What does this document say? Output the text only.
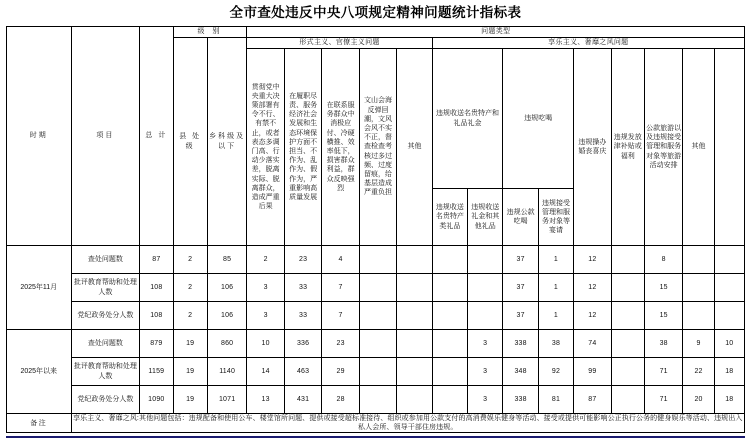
全市查处违反中央八项规定精神问题统计指标表
时期	项目	总 计	级 别		问题类型													
			县 处 级	乡科级及以下	形式主义、官僚主义问题					享乐主义、奢靡之风问题								
					贯彻党中央重大决策部署有令不行、有禁不止，或者表态多调门高、行动少落实差，脱离实际、脱离群众，造成严重后果	在履职尽责、服务经济社会发展和生态环境保护方面不担当、不作为、乱作为、假作为，严重影响高质量发展	在联系服务群众中消极应付、冷硬横推、效率低下，损害群众利益，群众反映强烈	文山会海反弹回潮，文风会风不实不正，督查检查考核过多过频、过度留痕，给基层造成严重负担	其他	违规收送名贵特产和礼品礼金		违规吃喝		违规操办婚丧喜庆	违规发放津补贴或福利	公款旅游以及违规接受管理和服务对象等旅游活动安排	其他	
										违规收送名贵特产类礼品	违规收送礼金和其他礼品	违规公款吃喝	违规接受管理和服务对象等宴请					
2025年11月	查处问题数	87	2	85	2	23	4					37	1	12		8		
	批评教育帮助和处理人数	108	2	106	3	33	7					37	1	12		15		
	党纪政务处分人数	108	2	106	3	33	7					37	1	12		15		
2025年以来	查处问题数	879	19	860	10	336	23				3	338	38	74		38	9	10
	批评教育帮助和处理人数	1159	19	1140	14	463	29				3	348	92	99		71	22	18
	党纪政务处分人数	1090	19	1071	13	431	28				3	338	81	87		71	20	18
备注	享乐主义、奢靡之风:其他问题包括：违规配备和使用公车、楼堂馆所问题、提供或接受超标准接待、组织或参加用公款支付的高消费娱乐健身等活动、接受或提供可能影响公正执行公务的健身娱乐等活动、违规出入私人会所、领导干部住房违规。																	
